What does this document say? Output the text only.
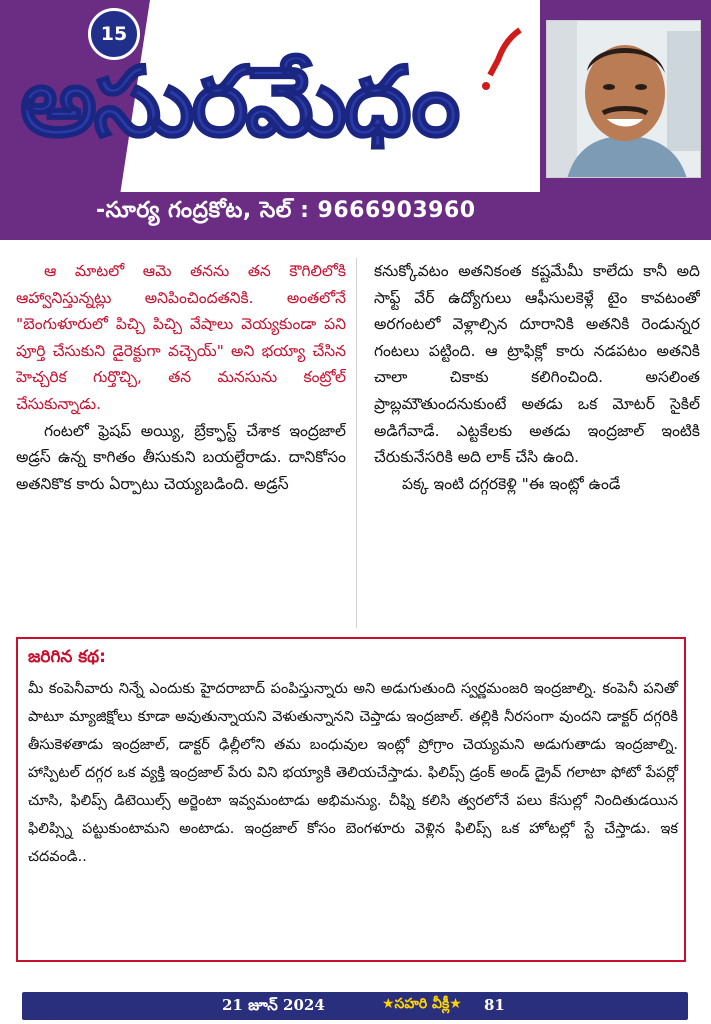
-సూర్య గంద్రకోట, సెల్ : 9666903960
15
అసురమేధం

ఆ మాటలో ఆమె తనను తన కౌగిలిలోకి ఆహ్వానిస్తున్నట్లు అనిపించిందతనికి. అంతలోనే "బెంగుళూరులో పిచ్చి పిచ్చి వేషాలు వెయ్యకుండా పని పూర్తి చేసుకుని డైరెక్టుగా వచ్చెయ్" అని భయ్యా చేసిన హెచ్చరిక గుర్తొచ్చి, తన మనసును కంట్రోల్ చేసుకున్నాడు.

గంటలో ఫ్రెషప్ అయ్యి, బ్రేక్ఫాస్ట్ చేశాక ఇంద్రజాల్ అడ్రస్ ఉన్న కాగితం తీసుకుని బయల్దేరాడు. దానికోసం అతనికొక కారు ఏర్పాటు చెయ్యబడింది. అడ్రస్

కనుక్కోవటం అతనికంత కష్టమేమీ కాలేదు కానీ అది సాఫ్ట్ వేర్ ఉద్యోగులు ఆఫీసులకెళ్లే టైం కావటంతో అరగంటలో వెళ్లాల్సిన దూరానికి అతనికి రెండున్నర గంటలు పట్టింది. ఆ ట్రాఫిక్లో కారు నడపటం అతనికి చాలా చికాకు కలిగించింది. అసలింత ప్రాబ్లమౌతుందనుకుంటే అతడు ఒక మోటర్ సైకిల్ అడిగేవాడే. ఎట్టకేలకు అతడు ఇంద్రజాల్ ఇంటికి చేరుకునేసరికి అది లాక్ చేసి ఉంది.

పక్క ఇంటి దగ్గరకెళ్లి "ఈ ఇంట్లో ఉండే

జరిగిన కథ:

మీ కంపెనీవారు నిన్నే ఎందుకు హైదరాబాద్ పంపిస్తున్నారు అని అడుగుతుంది స్వర్ణమంజరి ఇంద్రజాల్ని. కంపెనీ పనితో పాటూ మ్యాజిక్షోలు కూడా అవుతున్నాయని వెళుతున్నానని చెప్తాడు ఇంద్రజాల్. తల్లికి నీరసంగా వుందని డాక్టర్ దగ్గరికి తీసుకెళతాడు ఇంద్రజాల్, డాక్టర్ ఢిల్లీలోని తమ బంధువుల ఇంట్లో ప్రోగ్రాం చెయ్యమని అడుగుతాడు ఇంద్రజాల్ని. హాస్పిటల్ దగ్గర ఒక వ్యక్తి ఇంద్రజాల్ పేరు విని భయ్యాకి తెలియచేస్తాడు. ఫిలిప్స్ డ్రంక్ అండ్ డ్రైవ్ గలాటా ఫోటో పేపర్లో చూసి, ఫిలిప్స్ డిటెయిల్స్ అర్జెంటా ఇవ్వమంటాడు అభిమన్యు. చీఫ్ని కలిసి త్వరలోనే పలు కేసుల్లో నిందితుడయిన ఫిలిప్స్ని పట్టుకుంటామని అంటాడు. ఇంద్రజాల్ కోసం బెంగళూరు వెళ్లిన ఫిలిప్స్ ఒక హోటల్లో స్టే చేస్తాడు. ఇక చదవండి..

21 జూన్ 2024	★సహరి వీక్లీ★ 81
